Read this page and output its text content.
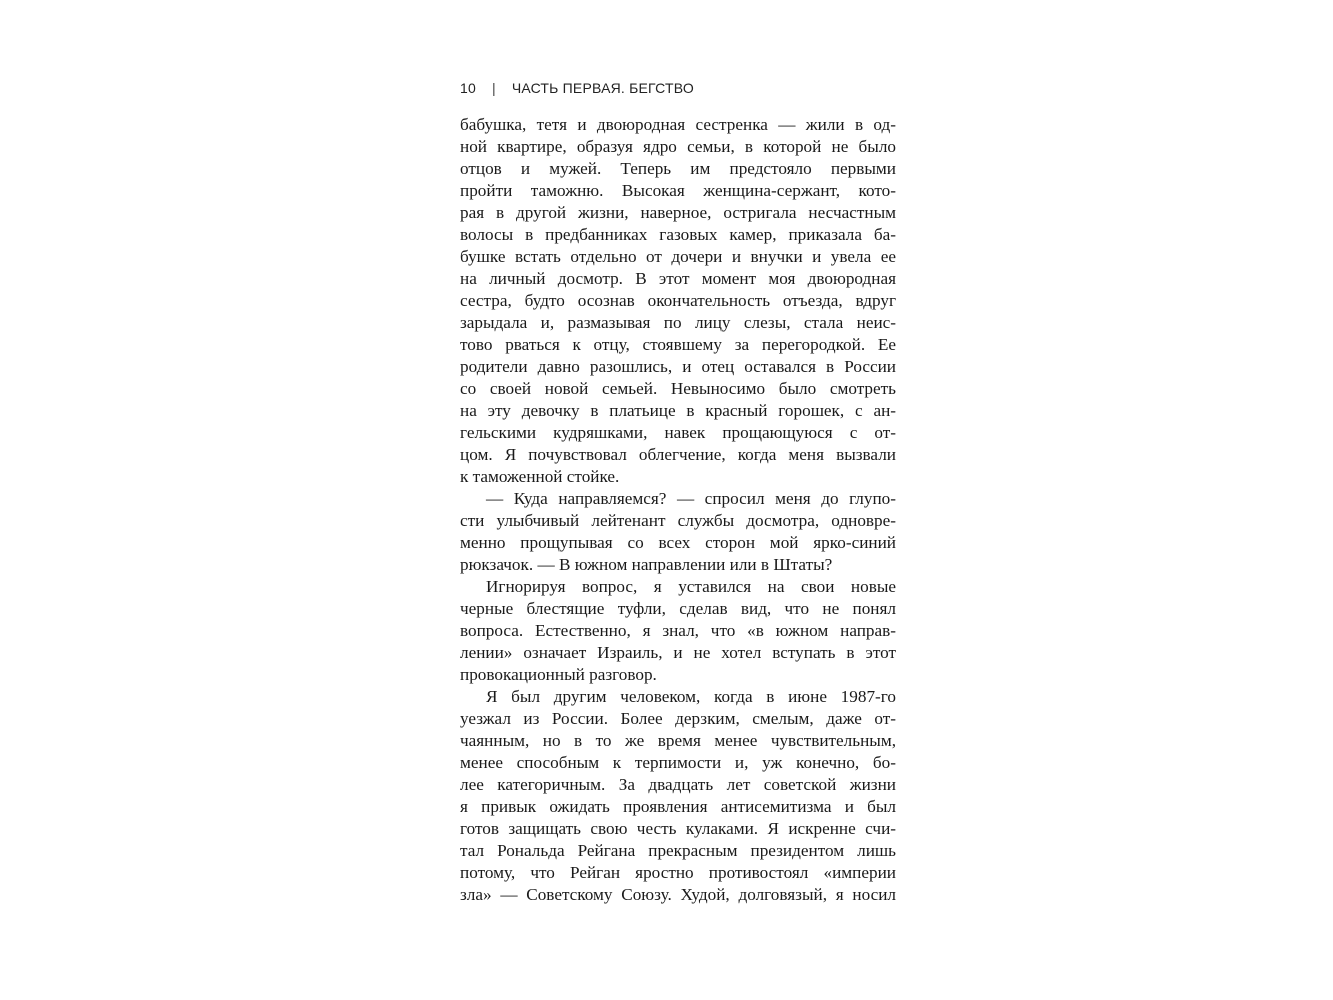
10 | ЧАСТЬ ПЕРВАЯ. БЕГСТВО
бабушка, тетя и двоюродная сестренка — жили в од-
ной квартире, образуя ядро семьи, в которой не было
отцов и мужей. Теперь им предстояло первыми
пройти таможню. Высокая женщина-сержант, кото-
рая в другой жизни, наверное, остригала несчастным
волосы в предбанниках газовых камер, приказала ба-
бушке встать отдельно от дочери и внучки и увела ее
на личный досмотр. В этот момент моя двоюродная
сестра, будто осознав окончательность отъезда, вдруг
зарыдала и, размазывая по лицу слезы, стала неис-
тово рваться к отцу, стоявшему за перегородкой. Ее
родители давно разошлись, и отец оставался в России
со своей новой семьей. Невыносимо было смотреть
на эту девочку в платьице в красный горошек, с ан-
гельскими кудряшками, навек прощающуюся с от-
цом. Я почувствовал облегчение, когда меня вызвали
к таможенной стойке.
— Куда направляемся? — спросил меня до глупо-
сти улыбчивый лейтенант службы досмотра, одновре-
менно прощупывая со всех сторон мой ярко-синий
рюкзачок. — В южном направлении или в Штаты?
Игнорируя вопрос, я уставился на свои новые
черные блестящие туфли, сделав вид, что не понял
вопроса. Естественно, я знал, что «в южном направ-
лении» означает Израиль, и не хотел вступать в этот
провокационный разговор.
Я был другим человеком, когда в июне 1987-го
уезжал из России. Более дерзким, смелым, даже от-
чаянным, но в то же время менее чувствительным,
менее способным к терпимости и, уж конечно, бо-
лее категоричным. За двадцать лет советской жизни
я привык ожидать проявления антисемитизма и был
готов защищать свою честь кулаками. Я искренне счи-
тал Рональда Рейгана прекрасным президентом лишь
потому, что Рейган яростно противостоял «империи
зла» — Советскому Союзу. Худой, долговязый, я носил
